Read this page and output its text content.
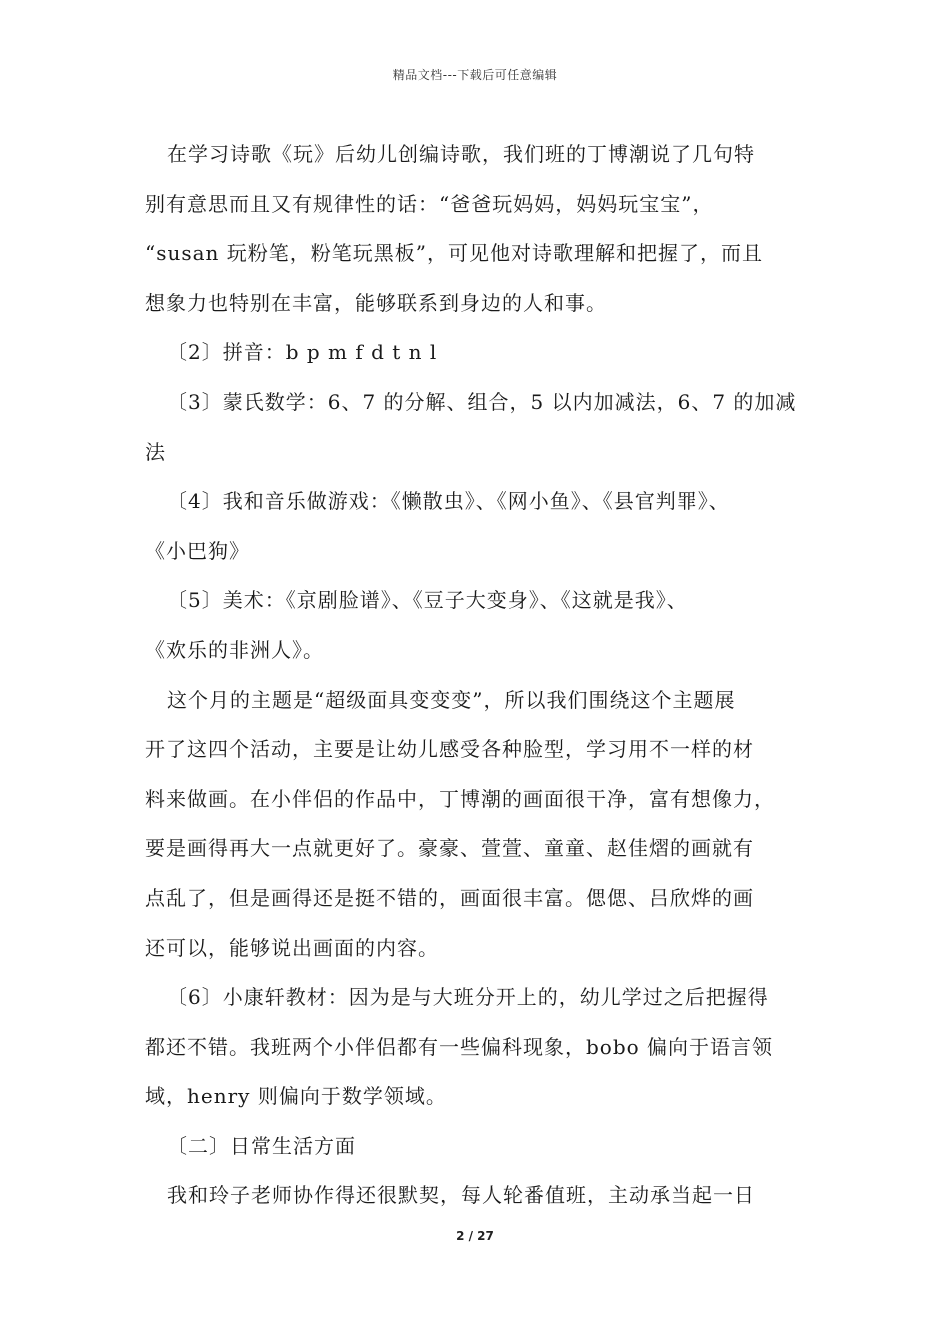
精品文档---下载后可任意编辑

在学习诗歌《玩》后幼儿创编诗歌，我们班的丁博潮说了几句特

别有意思而且又有规律性的话：“爸爸玩妈妈，妈妈玩宝宝”，

“susan 玩粉笔，粉笔玩黑板”，可见他对诗歌理解和把握了，而且

想象力也特别在丰富，能够联系到身边的人和事。

〔2〕拼音：b p m f d t n l

〔3〕蒙氏数学：6、7 的分解、组合，5 以内加减法，6、7 的加减

法

〔4〕我和音乐做游戏：《懒散虫》、《网小鱼》、《县官判罪》、

《小巴狗》

〔5〕美术：《京剧脸谱》、《豆子大变身》、《这就是我》、

《欢乐的非洲人》。

这个月的主题是“超级面具变变变”，所以我们围绕这个主题展

开了这四个活动，主要是让幼儿感受各种脸型，学习用不一样的材

料来做画。在小伴侣的作品中，丁博潮的画面很干净，富有想像力，

要是画得再大一点就更好了。豪豪、萱萱、童童、赵佳熠的画就有

点乱了，但是画得还是挺不错的，画面很丰富。偲偲、吕欣烨的画

还可以，能够说出画面的内容。

〔6〕小康轩教材：因为是与大班分开上的，幼儿学过之后把握得

都还不错。我班两个小伴侣都有一些偏科现象，bobo 偏向于语言领

域，henry 则偏向于数学领域。

〔二〕日常生活方面

我和玲子老师协作得还很默契，每人轮番值班，主动承当起一日

2 / 27
